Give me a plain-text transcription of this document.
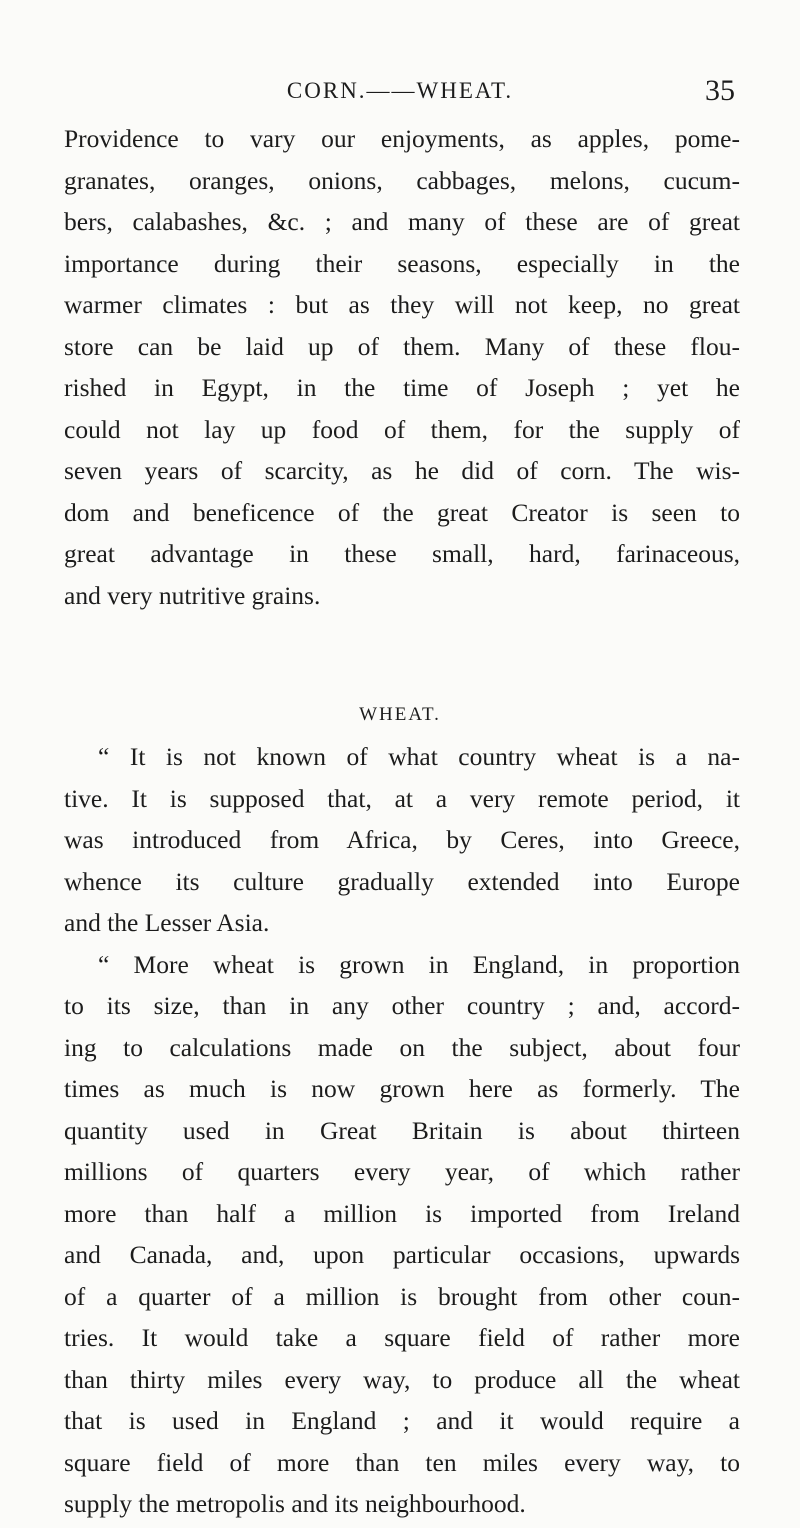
CORN.——WHEAT.	35
Providence to vary our enjoyments, as apples, pome-
granates, oranges, onions, cabbages, melons, cucum-
bers, calabashes, &c. ; and many of these are of great
importance during their seasons, especially in the
warmer climates : but as they will not keep, no great
store can be laid up of them. Many of these flou-
rished in Egypt, in the time of Joseph ; yet he
could not lay up food of them, for the supply of
seven years of scarcity, as he did of corn. The wis-
dom and beneficence of the great Creator is seen to
great advantage in these small, hard, farinaceous,
and very nutritive grains.
WHEAT.
“ It is not known of what country wheat is a na-
tive. It is supposed that, at a very remote period, it
was introduced from Africa, by Ceres, into Greece,
whence its culture gradually extended into Europe
and the Lesser Asia.
“ More wheat is grown in England, in proportion
to its size, than in any other country ; and, accord-
ing to calculations made on the subject, about four
times as much is now grown here as formerly. The
quantity used in Great Britain is about thirteen
millions of quarters every year, of which rather
more than half a million is imported from Ireland
and Canada, and, upon particular occasions, upwards
of a quarter of a million is brought from other coun-
tries. It would take a square field of rather more
than thirty miles every way, to produce all the wheat
that is used in England ; and it would require a
square field of more than ten miles every way, to
supply the metropolis and its neighbourhood.
